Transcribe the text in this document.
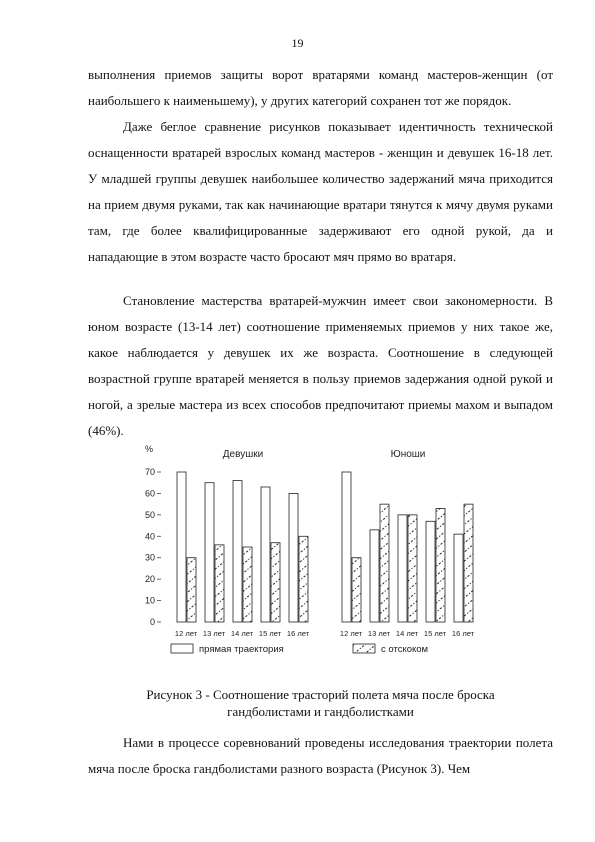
19

выполнения приемов защиты ворот вратарями команд мастеров-женщин (от наибольшего к наименьшему), у других категорий сохранен тот же порядок.

Даже беглое сравнение рисунков показывает идентичность технической оснащенности вратарей взрослых команд мастеров - женщин и девушек 16-18 лет. У младшей группы девушек наибольшее количество задержаний мяча приходится на прием двумя руками, так как начинающие вратари тянутся к мячу двумя руками там, где более квалифицированные задерживают его одной рукой, да и нападающие в этом возрасте часто бросают мяч прямо во вратаря.

Становление мастерства вратарей-мужчин имеет свои закономерности. В юном возрасте (13-14 лет) соотношение применяемых приемов у них такое же, какое наблюдается у девушек их же возраста. Соотношение в следующей возрастной группе вратарей меняется в пользу приемов задержания одной рукой и ногой, а зрелые мастера из всех способов предпочитают приемы махом и выпадом (46%).

0
10
20
30
40
50
60
70
%	Девушки
12 лет 13 лет 14 лет 15 лет 16 лет
Юноши
12 лет 13 лет 14 лет 15 лет 16 лет
прямая траектория	с отскоком
Рисунок 3 - Соотношение трасторий полета мяча после броска
гандболистами и гандболистками

Нами в процессе соревнований проведены исследования траектории полета мяча после броска гандболистами разного возраста (Рисунок 3). Чем
